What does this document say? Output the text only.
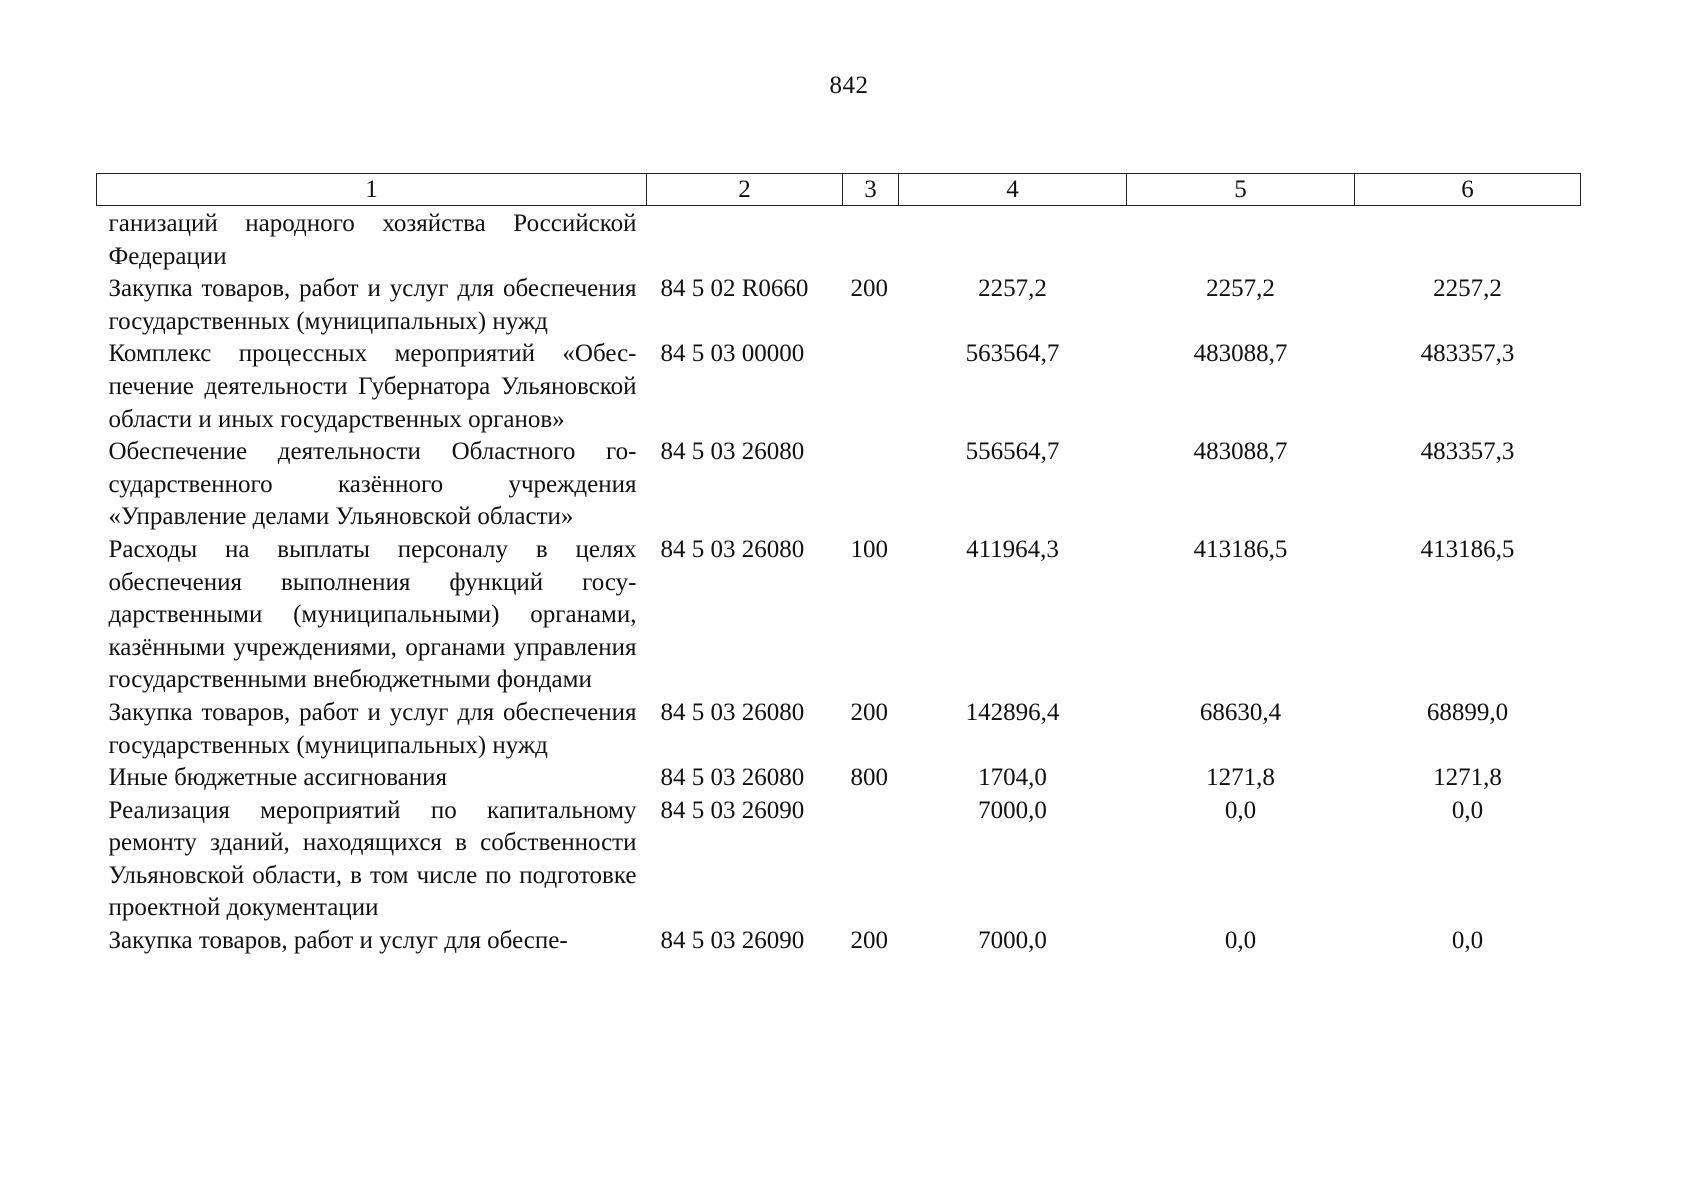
842
1	2	3	4	5	6
ганизаций народного хозяйства Российской Федерации					
Закупка товаров, работ и услуг для обеспечения государственных (муниципальных) нужд	84 5 02 R0660	200	2257,2	2257,2	2257,2
Комплекс процессных мероприятий «Обеспечение деятельности Губернатора Ульяновской области и иных государственных органов»	84 5 03 00000		563564,7	483088,7	483357,3
Обеспечение деятельности Областного государственного казённого учреждения «Управление делами Ульяновской области»	84 5 03 26080		556564,7	483088,7	483357,3
Расходы на выплаты персоналу в целях обеспечения выполнения функций государственными (муниципальными) органами, казёнными учреждениями, органами управления государственными внебюджетными фондами	84 5 03 26080	100	411964,3	413186,5	413186,5
Закупка товаров, работ и услуг для обеспечения государственных (муниципальных) нужд	84 5 03 26080	200	142896,4	68630,4	68899,0
Иные бюджетные ассигнования	84 5 03 26080	800	1704,0	1271,8	1271,8
Реализация мероприятий по капитальному ремонту зданий, находящихся в собственности Ульяновской области, в том числе по подготовке проектной документации	84 5 03 26090		7000,0	0,0	0,0
Закупка товаров, работ и услуг для обеспе-	84 5 03 26090	200	7000,0	0,0	0,0
